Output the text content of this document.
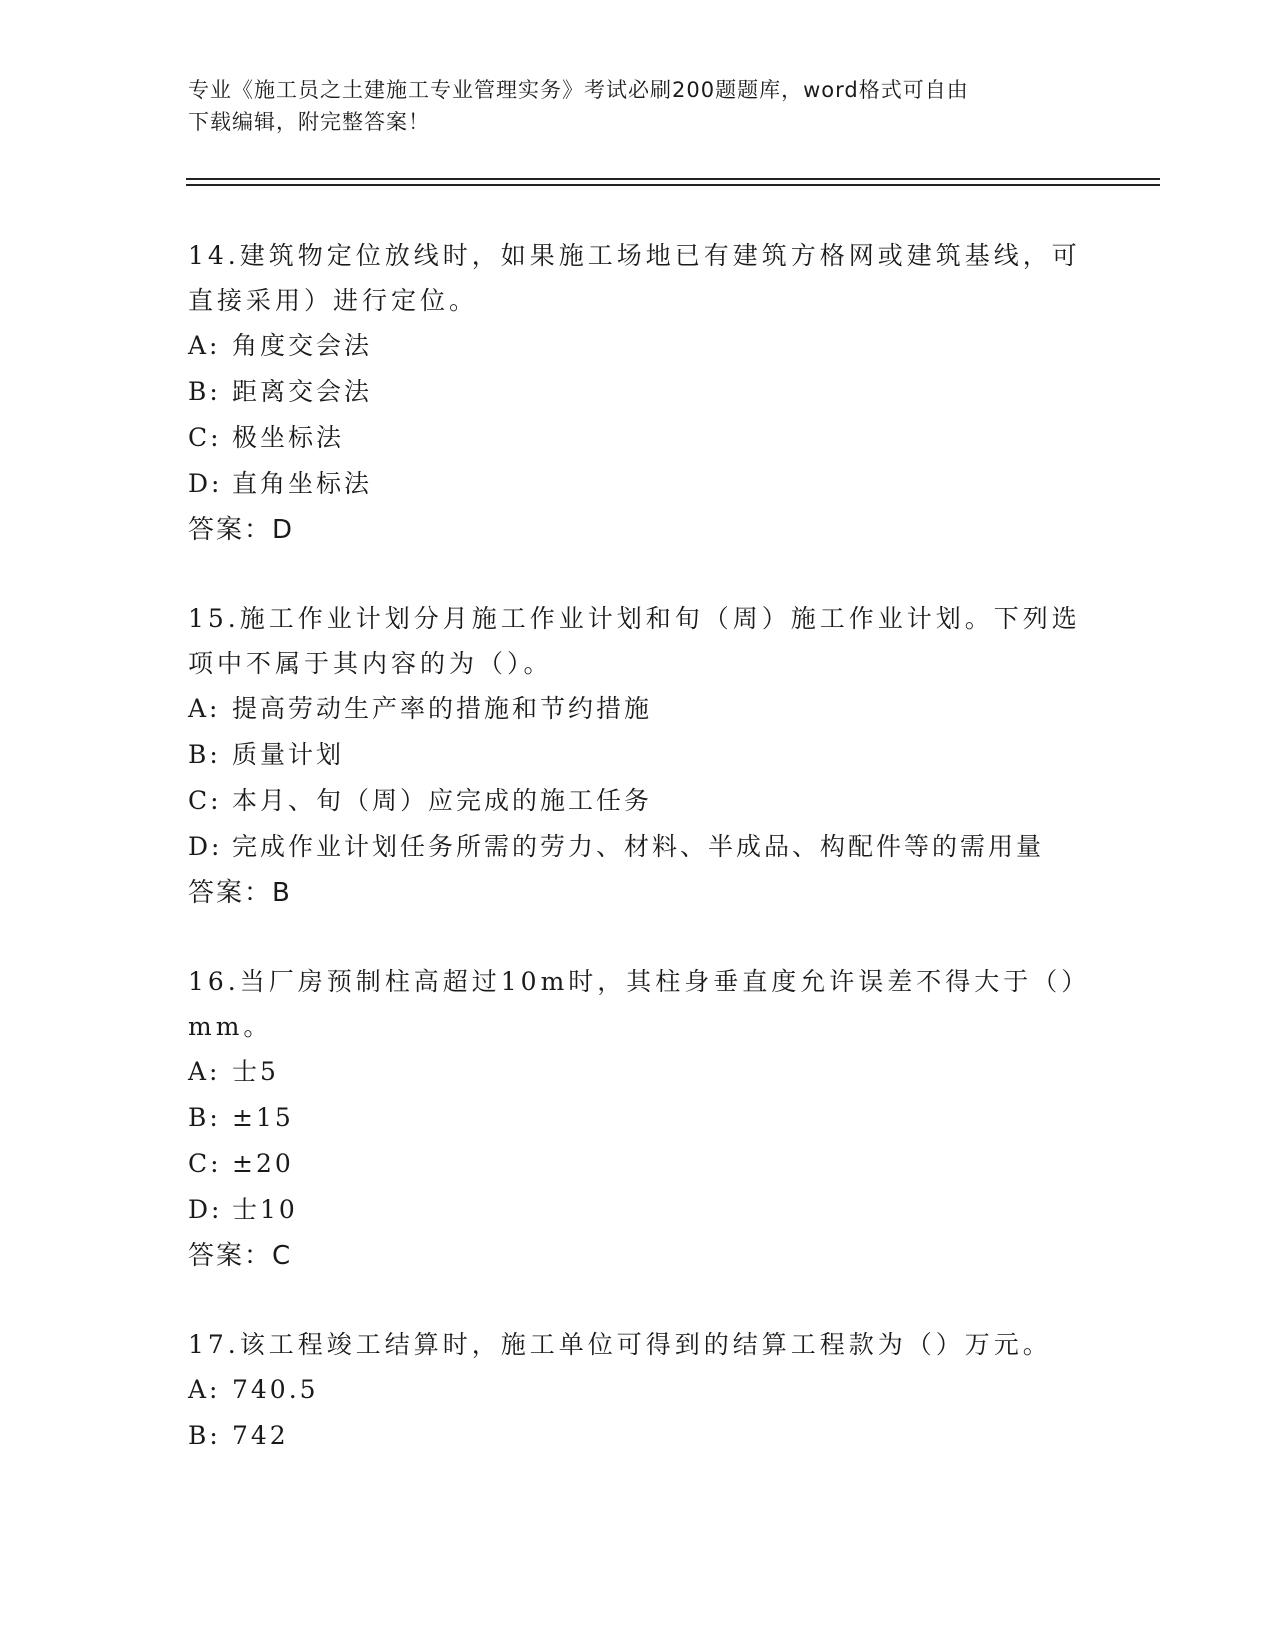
专业《施工员之土建施工专业管理实务》考试必刷200题题库，word格式可自由
下载编辑，附完整答案！
14.建筑物定位放线时，如果施工场地已有建筑方格网或建筑基线，可直接采用）进行定位。
A: 角度交会法
B: 距离交会法
C: 极坐标法
D: 直角坐标法
答案：D
15.施工作业计划分月施工作业计划和旬（周）施工作业计划。下列选项中不属于其内容的为（）。
A: 提高劳动生产率的措施和节约措施
B: 质量计划
C: 本月、旬（周）应完成的施工任务
D: 完成作业计划任务所需的劳力、材料、半成品、构配件等的需用量
答案：B
16.当厂房预制柱高超过10m时，其柱身垂直度允许误差不得大于（）mm。
A: 士5
B: ±15
C: ±20
D: 士10
答案：C
17.该工程竣工结算时，施工单位可得到的结算工程款为（）万元。
A: 740.5
B: 742
